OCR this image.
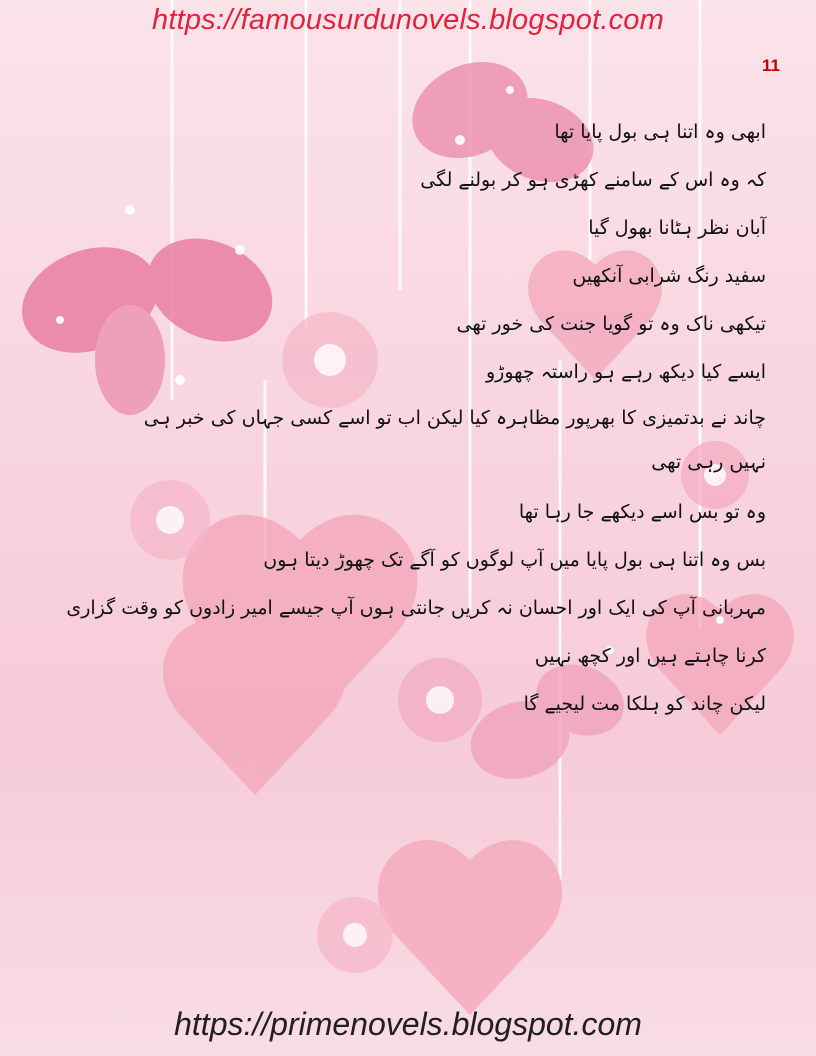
https://famousurdunovels.blogspot.com
11

ابھی وہ اتنا ہی بول پایا تھا

کہ وہ اس کے سامنے کھڑی ہو کر بولنے لگی

آبان نظر ہٹانا بھول گیا

سفید رنگ شرابی آنکھیں

تیکھی ناک وہ تو گویا جنت کی خور تھی

ایسے کیا دیکھ رہے ہو راستہ چھوڑو

چاند نے بدتمیزی کا بھرپور مظاہرہ کیا لیکن اب تو اسے کسی جہاں کی خبر ہی نہیں رہی تھی

وہ تو بس اسے دیکھے جا رہا تھا

بس وہ اتنا ہی بول پایا میں آپ لوگوں کو آگے تک چھوڑ دیتا ہوں

مہربانی آپ کی ایک اور احسان نہ کریں جانتی ہوں آپ جیسے امیر زادوں کو وقت گزاری

کرنا چاہتے ہیں اور کچھ نہیں

لیکن چاند کو ہلکا مت لیجیے گا

https://primenovels.blogspot.com
